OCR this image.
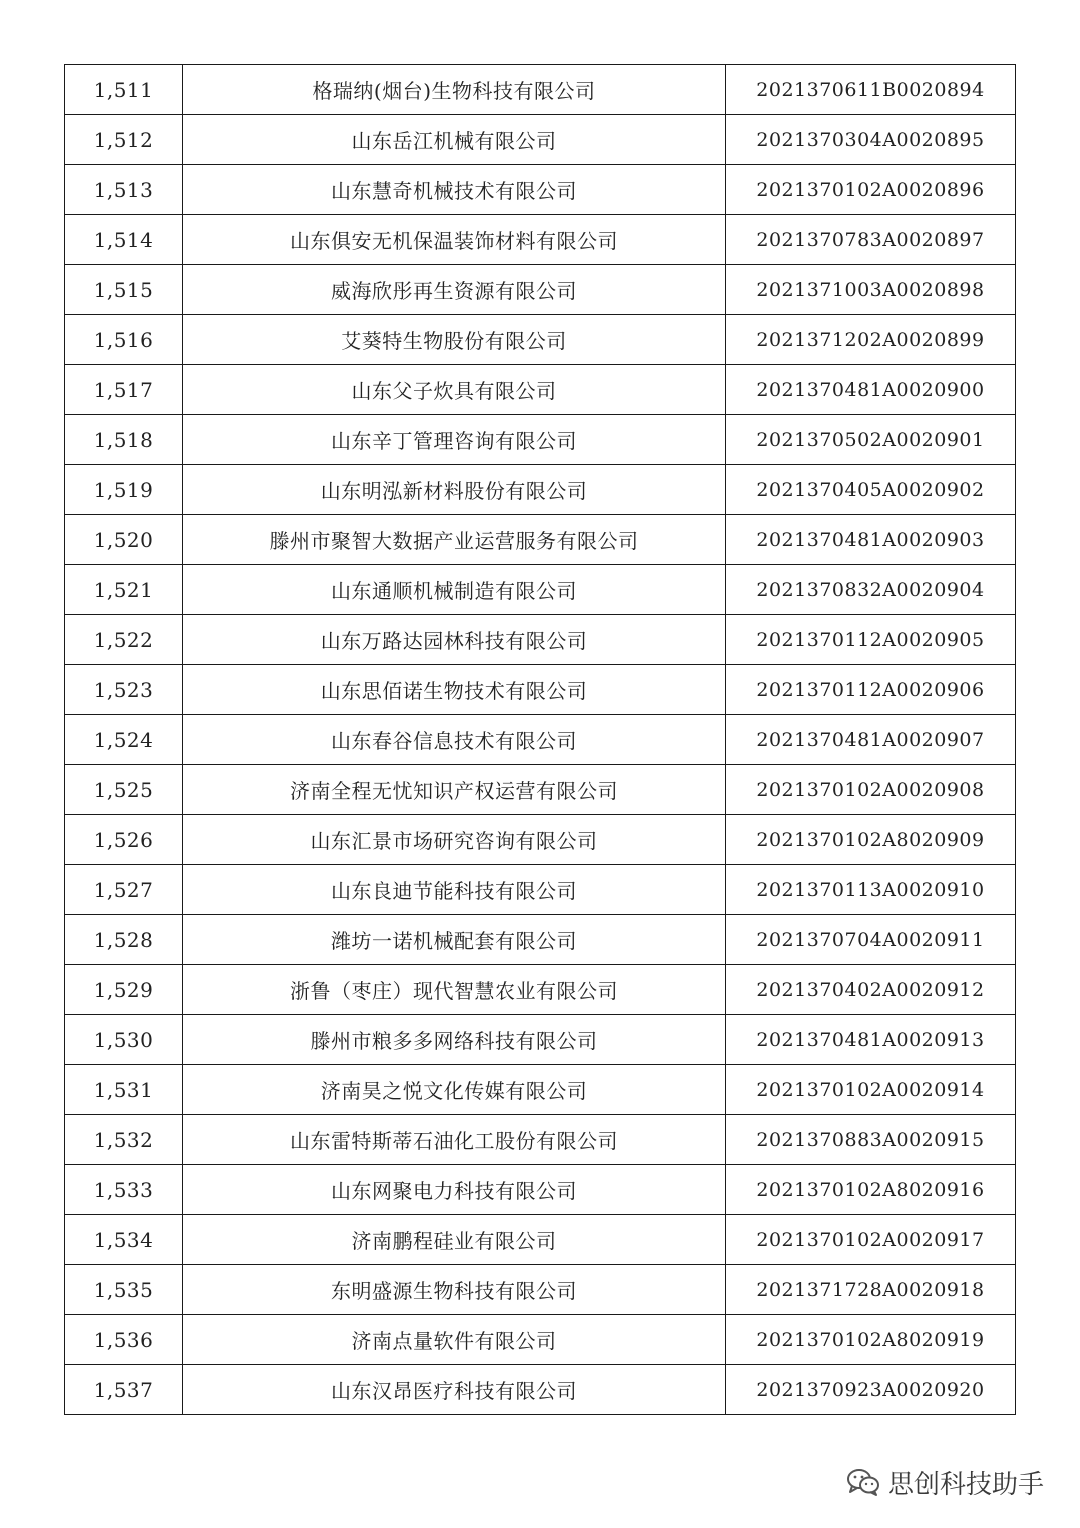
1,511	格瑞纳(烟台)生物科技有限公司	2021370611B0020894
1,512	山东岳江机械有限公司	2021370304A0020895
1,513	山东慧奇机械技术有限公司	2021370102A0020896
1,514	山东俱安无机保温装饰材料有限公司	2021370783A0020897
1,515	威海欣彤再生资源有限公司	2021371003A0020898
1,516	艾葵特生物股份有限公司	2021371202A0020899
1,517	山东父子炊具有限公司	2021370481A0020900
1,518	山东辛丁管理咨询有限公司	2021370502A0020901
1,519	山东明泓新材料股份有限公司	2021370405A0020902
1,520	滕州市聚智大数据产业运营服务有限公司	2021370481A0020903
1,521	山东通顺机械制造有限公司	2021370832A0020904
1,522	山东万路达园林科技有限公司	2021370112A0020905
1,523	山东思佰诺生物技术有限公司	2021370112A0020906
1,524	山东春谷信息技术有限公司	2021370481A0020907
1,525	济南全程无忧知识产权运营有限公司	2021370102A0020908
1,526	山东汇景市场研究咨询有限公司	2021370102A8020909
1,527	山东良迪节能科技有限公司	2021370113A0020910
1,528	潍坊一诺机械配套有限公司	2021370704A0020911
1,529	浙鲁（枣庄）现代智慧农业有限公司	2021370402A0020912
1,530	滕州市粮多多网络科技有限公司	2021370481A0020913
1,531	济南昊之悦文化传媒有限公司	2021370102A0020914
1,532	山东雷特斯蒂石油化工股份有限公司	2021370883A0020915
1,533	山东网聚电力科技有限公司	2021370102A8020916
1,534	济南鹏程硅业有限公司	2021370102A0020917
1,535	东明盛源生物科技有限公司	2021371728A0020918
1,536	济南点量软件有限公司	2021370102A8020919
1,537	山东汉昂医疗科技有限公司	2021370923A0020920
思创科技助手
